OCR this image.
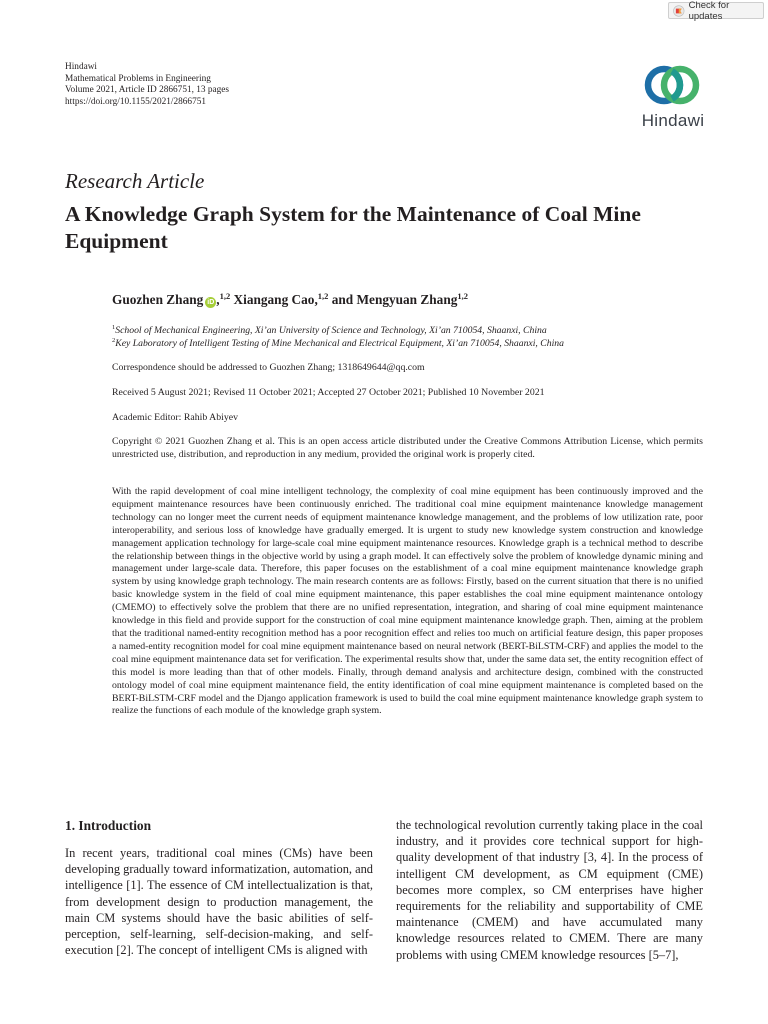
Check for updates
Hindawi
Mathematical Problems in Engineering
Volume 2021, Article ID 2866751, 13 pages
https://doi.org/10.1155/2021/2866751
Hindawi
Research Article
A Knowledge Graph System for the Maintenance of Coal Mine Equipment
Guozhen Zhang iD ,$^{1,2}$ Xiangang Cao,$^{1,2}$ and Mengyuan Zhang$^{1,2}$
$^1$School of Mechanical Engineering, Xi’an University of Science and Technology, Xi’an 710054, Shaanxi, China
$^2$Key Laboratory of Intelligent Testing of Mine Mechanical and Electrical Equipment, Xi’an 710054, Shaanxi, China
Correspondence should be addressed to Guozhen Zhang; 1318649644@qq.com
Received 5 August 2021; Revised 11 October 2021; Accepted 27 October 2021; Published 10 November 2021
Academic Editor: Rahib Abiyev

Copyright © 2021 Guozhen Zhang et al. This is an open access article distributed under the Creative Commons Attribution License, which permits unrestricted use, distribution, and reproduction in any medium, provided the original work is properly cited.

With the rapid development of coal mine intelligent technology, the complexity of coal mine equipment has been continuously improved and the equipment maintenance resources have been continuously enriched. The traditional coal mine equipment maintenance knowledge management technology can no longer meet the current needs of equipment maintenance knowledge management, and the problems of low utilization rate, poor interoperability, and serious loss of knowledge have gradually emerged. It is urgent to study new knowledge system construction and knowledge management application technology for large-scale coal mine equipment maintenance resources. Knowledge graph is a technical method to describe the relationship between things in the objective world by using a graph model. It can effectively solve the problem of knowledge dynamic mining and management under large-scale data. Therefore, this paper focuses on the establishment of a coal mine equipment maintenance knowledge graph system by using knowledge graph technology. The main research contents are as follows: Firstly, based on the current situation that there is no unified basic knowledge system in the field of coal mine equipment maintenance, this paper establishes the coal mine equipment maintenance ontology (CMEMO) to effectively solve the problem that there are no unified representation, integration, and sharing of coal mine equipment maintenance knowledge in this field and provide support for the construction of coal mine equipment maintenance knowledge graph. Then, aiming at the problem that the traditional named-entity recognition method has a poor recognition effect and relies too much on artificial feature design, this paper proposes a named-entity recognition model for coal mine equipment maintenance based on neural network (BERT-BiLSTM-CRF) and applies the model to the coal mine equipment maintenance data set for verification. The experimental results show that, under the same data set, the entity recognition effect of this model is more leading than that of other models. Finally, through demand analysis and architecture design, combined with the constructed ontology model of coal mine equipment maintenance field, the entity identification of coal mine equipment maintenance is completed based on the BERT-BiLSTM-CRF model and the Django application framework is used to build the coal mine equipment maintenance knowledge graph system to realize the functions of each module of the knowledge graph system.

1. Introduction

In recent years, traditional coal mines (CMs) have been developing gradually toward informatization, automation, and intelligence [1]. The essence of CM intellectualization is that, from development design to production management, the main CM systems should have the basic abilities of self-perception, self-learning, self-decision-making, and self-execution [2]. The concept of intelligent CMs is aligned with

the technological revolution currently taking place in the coal industry, and it provides core technical support for high-quality development of that industry [3, 4]. In the process of intelligent CM development, as CM equipment (CME) becomes more complex, so CM enterprises have higher requirements for the reliability and supportability of CME maintenance (CMEM) and have accumulated many knowledge resources related to CMEM. There are many problems with using CMEM knowledge resources [5–7],
